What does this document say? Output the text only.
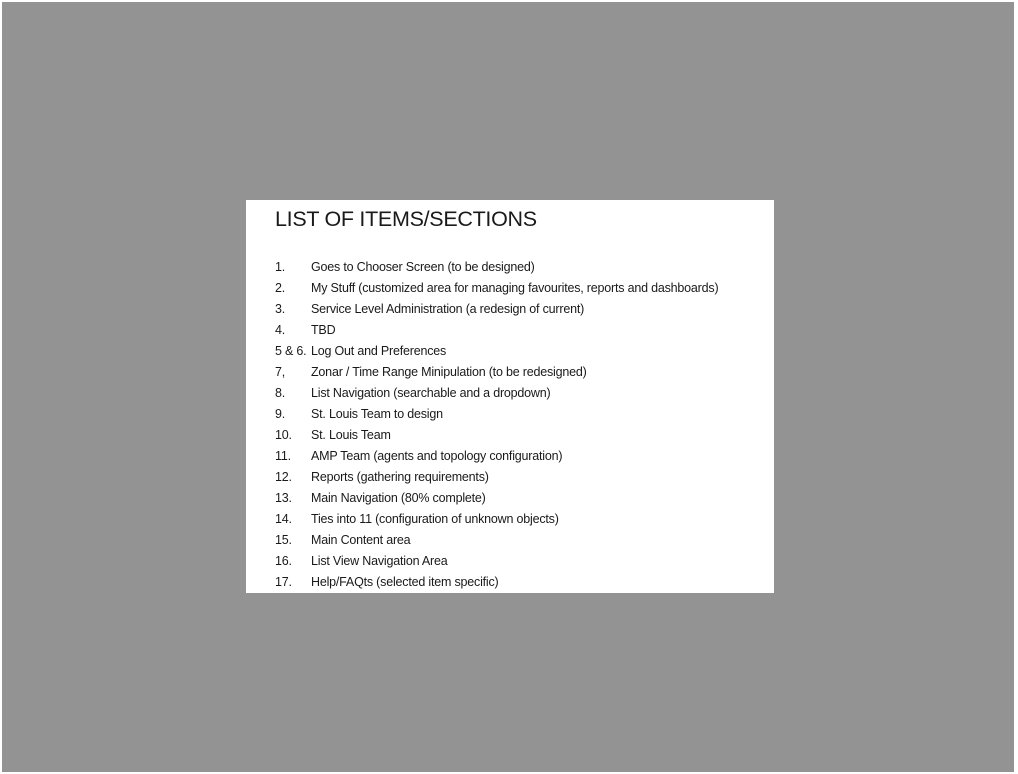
LIST OF ITEMS/SECTIONS
1.	Goes to Chooser Screen (to be designed)
2.	My Stuff (customized area for managing favourites, reports and dashboards)
3.	Service Level Administration (a redesign of current)
4.	TBD
5 & 6. Log Out and Preferences
7,	Zonar / Time Range Minipulation (to be redesigned)
8.	List Navigation (searchable and a dropdown)
9.	St. Louis Team to design
10.	St. Louis Team
11.	AMP Team (agents and topology configuration)
12.	Reports (gathering requirements)
13.	Main Navigation (80% complete)
14.	Ties into 11 (configuration of unknown objects)
15.	Main Content area
16.	List View Navigation Area
17.	Help/FAQts (selected item specific)
